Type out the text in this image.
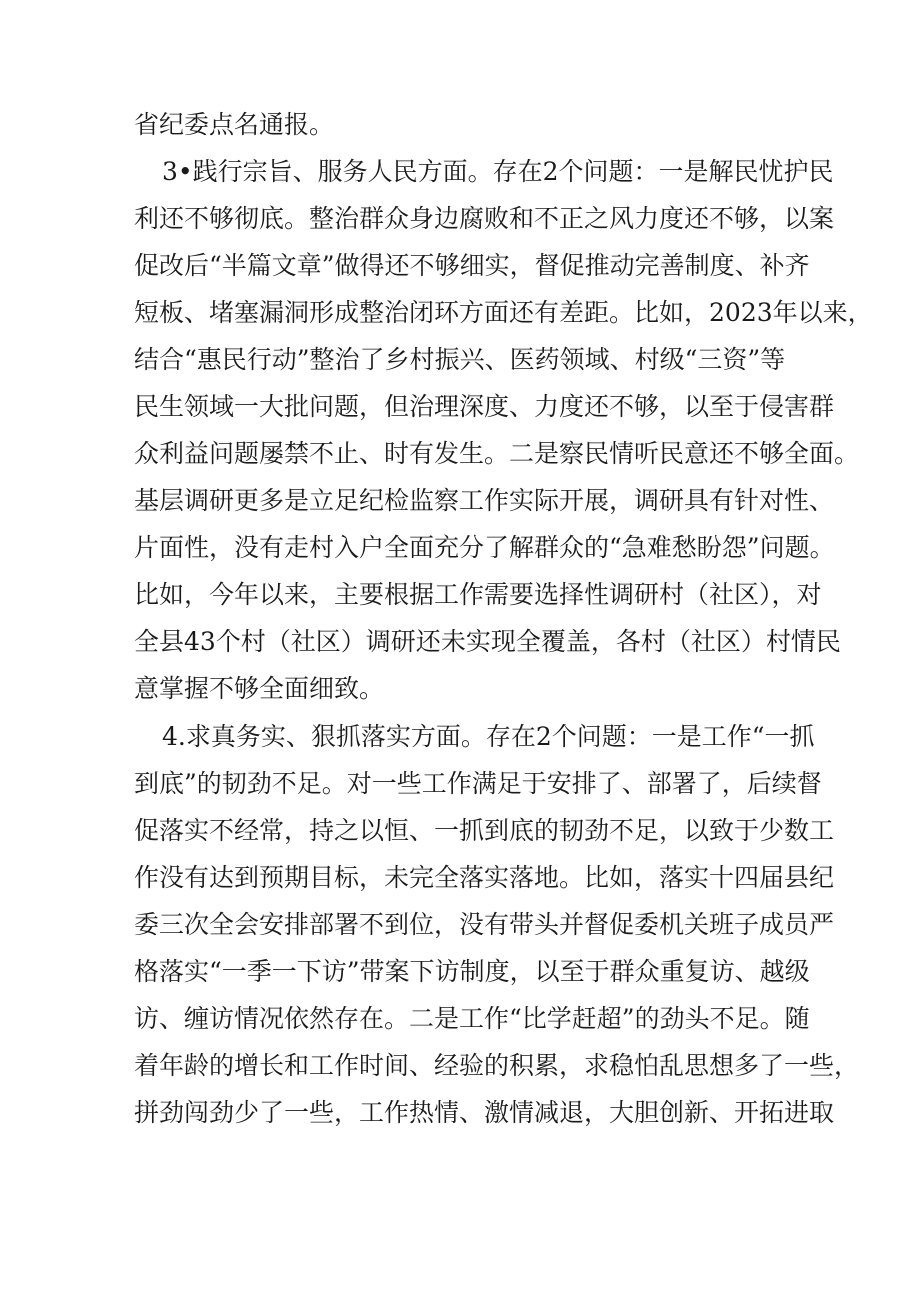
省纪委点名通报。
3•践行宗旨、服务人民方面。存在2个问题：一是解民忧护民
利还不够彻底。整治群众身边腐败和不正之风力度还不够，以案
促改后“半篇文章”做得还不够细实，督促推动完善制度、补齐
短板、堵塞漏洞形成整治闭环方面还有差距。比如，2023年以来，
结合“惠民行动”整治了乡村振兴、医药领域、村级“三资”等
民生领域一大批问题，但治理深度、力度还不够，以至于侵害群
众利益问题屡禁不止、时有发生。二是察民情听民意还不够全面。
基层调研更多是立足纪检监察工作实际开展，调研具有针对性、
片面性，没有走村入户全面充分了解群众的“急难愁盼怨”问题。
比如，今年以来，主要根据工作需要选择性调研村（社区），对
全县43个村（社区）调研还未实现全覆盖，各村（社区）村情民
意掌握不够全面细致。
4.求真务实、狠抓落实方面。存在2个问题：一是工作“一抓
到底”的韧劲不足。对一些工作满足于安排了、部署了，后续督
促落实不经常，持之以恒、一抓到底的韧劲不足，以致于少数工
作没有达到预期目标，未完全落实落地。比如，落实十四届县纪
委三次全会安排部署不到位，没有带头并督促委机关班子成员严
格落实“一季一下访”带案下访制度，以至于群众重复访、越级
访、缠访情况依然存在。二是工作“比学赶超”的劲头不足。随
着年龄的增长和工作时间、经验的积累，求稳怕乱思想多了一些，
拼劲闯劲少了一些，工作热情、激情减退，大胆创新、开拓进取
